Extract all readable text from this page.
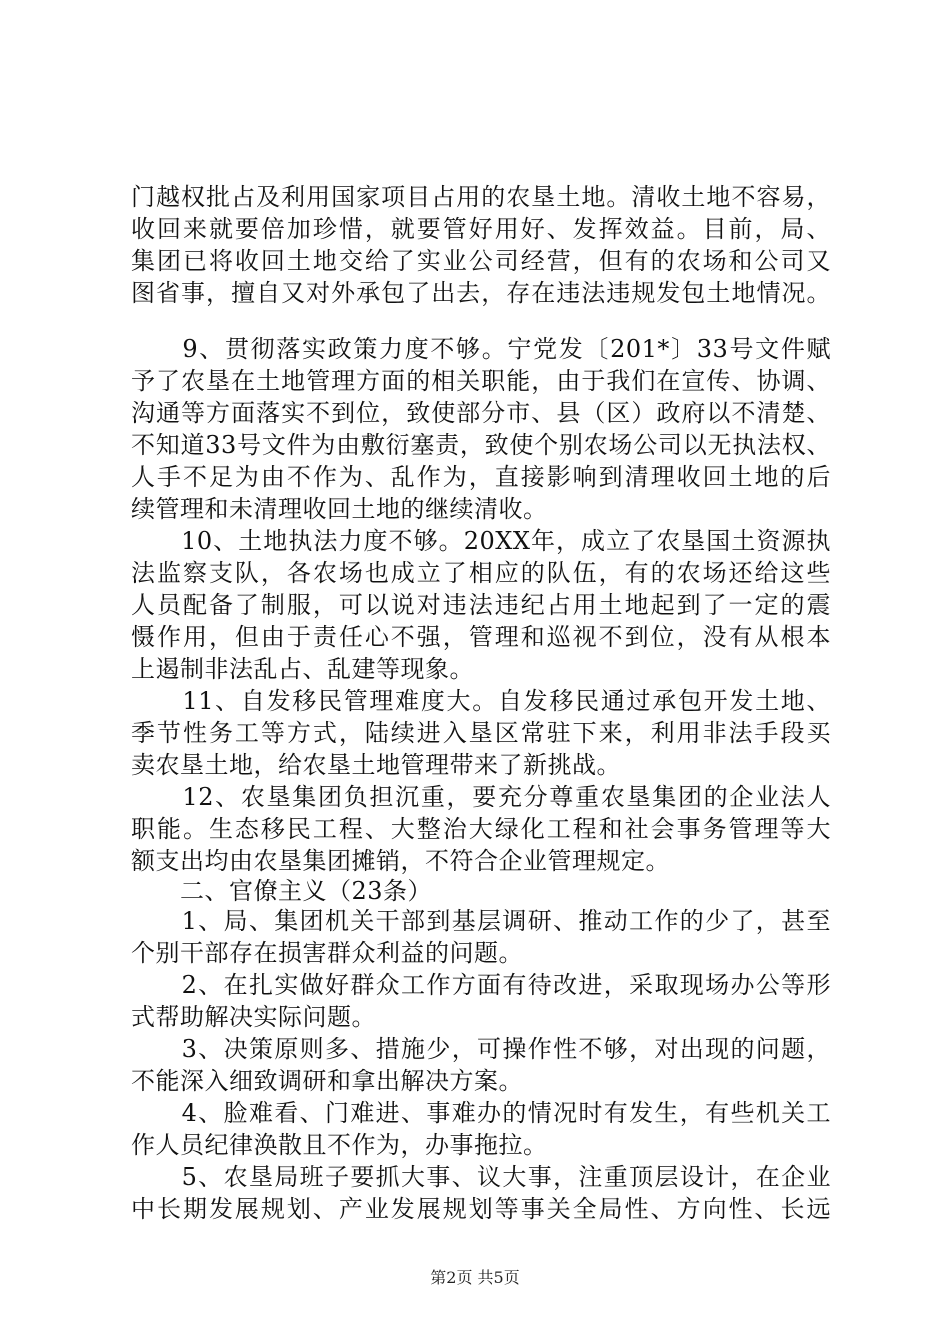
门越权批占及利用国家项目占用的农垦土地。清收土地不容易，
收回来就要倍加珍惜，就要管好用好、发挥效益。目前，局、
集团已将收回土地交给了实业公司经营，但有的农场和公司又
图省事，擅自又对外承包了出去，存在违法违规发包土地情况。
　　9、贯彻落实政策力度不够。宁党发〔201*〕33号文件赋
予了农垦在土地管理方面的相关职能，由于我们在宣传、协调、
沟通等方面落实不到位，致使部分市、县（区）政府以不清楚、
不知道33号文件为由敷衍塞责，致使个别农场公司以无执法权、
人手不足为由不作为、乱作为，直接影响到清理收回土地的后
续管理和未清理收回土地的继续清收。
　　10、土地执法力度不够。20XX年，成立了农垦国土资源执
法监察支队，各农场也成立了相应的队伍，有的农场还给这些
人员配备了制服，可以说对违法违纪占用土地起到了一定的震
慑作用，但由于责任心不强，管理和巡视不到位，没有从根本
上遏制非法乱占、乱建等现象。
　　11、自发移民管理难度大。自发移民通过承包开发土地、
季节性务工等方式，陆续进入垦区常驻下来，利用非法手段买
卖农垦土地，给农垦土地管理带来了新挑战。
　　12、农垦集团负担沉重，要充分尊重农垦集团的企业法人
职能。生态移民工程、大整治大绿化工程和社会事务管理等大
额支出均由农垦集团摊销，不符合企业管理规定。
　　二、官僚主义（23条）
　　1、局、集团机关干部到基层调研、推动工作的少了，甚至
个别干部存在损害群众利益的问题。
　　2、在扎实做好群众工作方面有待改进，采取现场办公等形
式帮助解决实际问题。
　　3、决策原则多、措施少，可操作性不够，对出现的问题，
不能深入细致调研和拿出解决方案。
　　4、脸难看、门难进、事难办的情况时有发生，有些机关工
作人员纪律涣散且不作为，办事拖拉。
　　5、农垦局班子要抓大事、议大事，注重顶层设计，在企业
中长期发展规划、产业发展规划等事关全局性、方向性、长远
第2页 共5页
